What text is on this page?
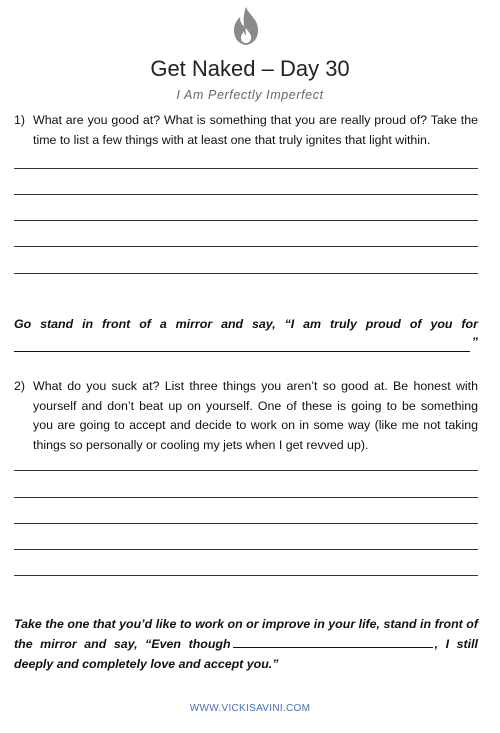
Get Naked – Day 30
I Am Perfectly Imperfect
1) What are you good at? What is something that you are really proud of? Take the time to list a few things with at least one that truly ignites that light within.
Go stand in front of a mirror and say, “I am truly proud of you for
”
2) What do you suck at? List three things you aren’t so good at. Be honest with yourself and don’t beat up on yourself. One of these is going to be something you are going to accept and decide to work on in some way (like me not taking things so personally or cooling my jets when I get revved up).
Take the one that you’d like to work on or improve in your life, stand in front of the mirror and say, “Even though	, I still deeply and completely love and accept you.”
WWW.VICKISAVINI.COM
